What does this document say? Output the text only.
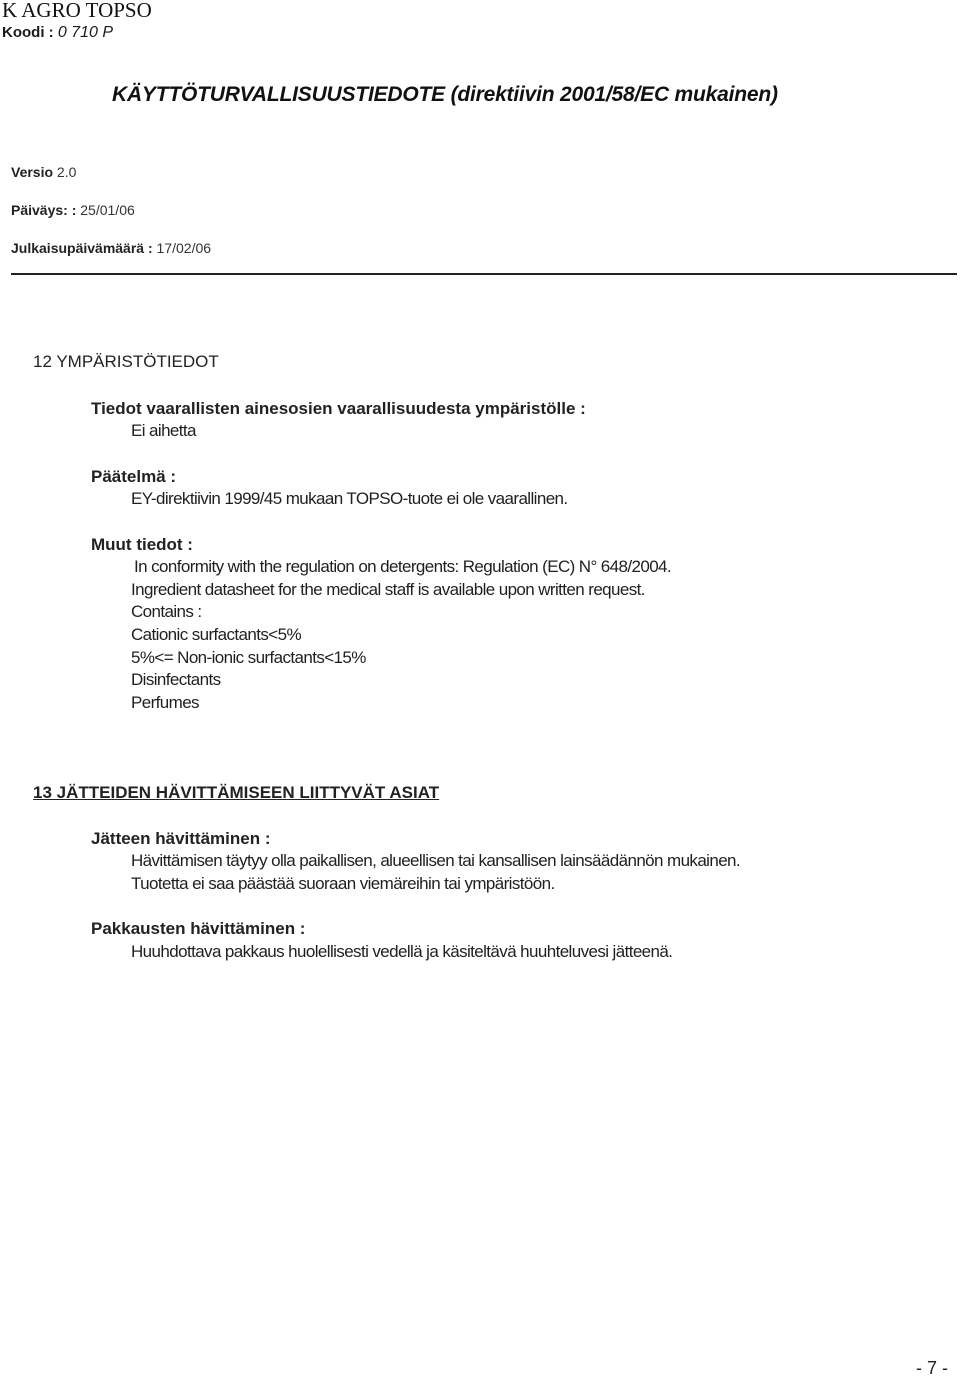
K AGRO TOPSO
Koodi : 0 710 P
KÄYTTÖTURVALLISUUSTIEDOTE (direktiivin 2001/58/EC mukainen)
Versio 2.0
Päiväys: : 25/01/06
Julkaisupäivämäärä : 17/02/06
12 YMPÄRISTÖTIEDOT
Tiedot vaarallisten ainesosien vaarallisuudesta ympäristölle :
Ei aihetta
Päätelmä :
EY-direktiivin 1999/45 mukaan TOPSO-tuote ei ole vaarallinen.
Muut tiedot :
In conformity with the regulation on detergents: Regulation (EC) N° 648/2004.
Ingredient datasheet for the medical staff is available upon written request.
Contains :
Cationic surfactants<5%
5%<= Non-ionic surfactants<15%
Disinfectants
Perfumes
13 JÄTTEIDEN HÄVITTÄMISEEN LIITTYVÄT ASIAT
Jätteen hävittäminen :
Hävittämisen täytyy olla paikallisen, alueellisen tai kansallisen lainsäädännön mukainen.
Tuotetta ei saa päästää suoraan viemäreihin tai ympäristöön.
Pakkausten hävittäminen :
Huuhdottava pakkaus huolellisesti vedellä ja käsiteltävä huuhteluvesi jätteenä.
- 7 -
